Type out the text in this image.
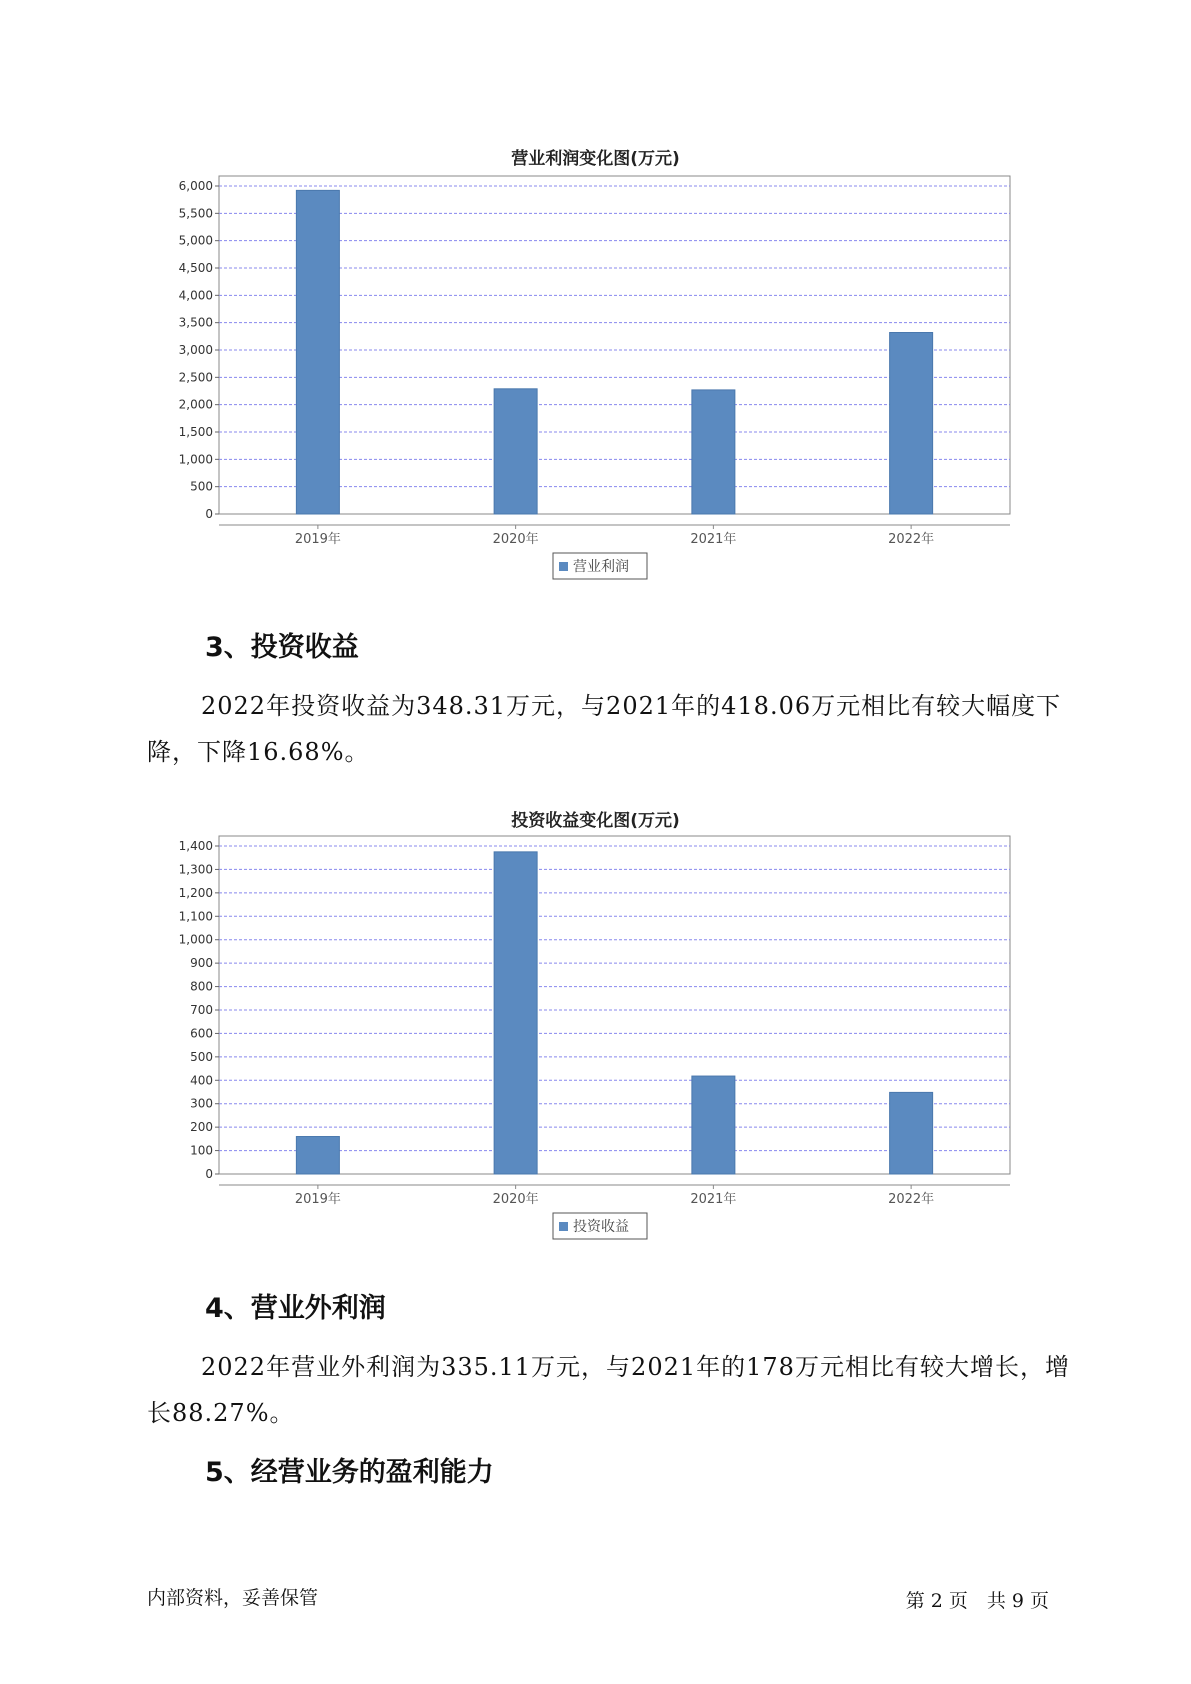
营业利润变化图(万元)
0
500
1,000
1,500
2,000
2,500
3,000
3,500
4,000
4,500
5,000
5,500
6,000
2019年	2020年	2021年	2022年
营业利润
3、投资收益
2022年投资收益为348.31万元，与2021年的418.06万元相比有较大幅度下降，下降16.68%。
投资收益变化图(万元)
0
100
200
300
400
500
600
700
800
900
1,000
1,100
1,200
1,300
1,400
2019年	2020年	2021年	2022年
投资收益
4、营业外利润
2022年营业外利润为335.11万元，与2021年的178万元相比有较大增长，增长88.27%。
5、经营业务的盈利能力
内部资料，妥善保管	第 2 页　共 9 页
